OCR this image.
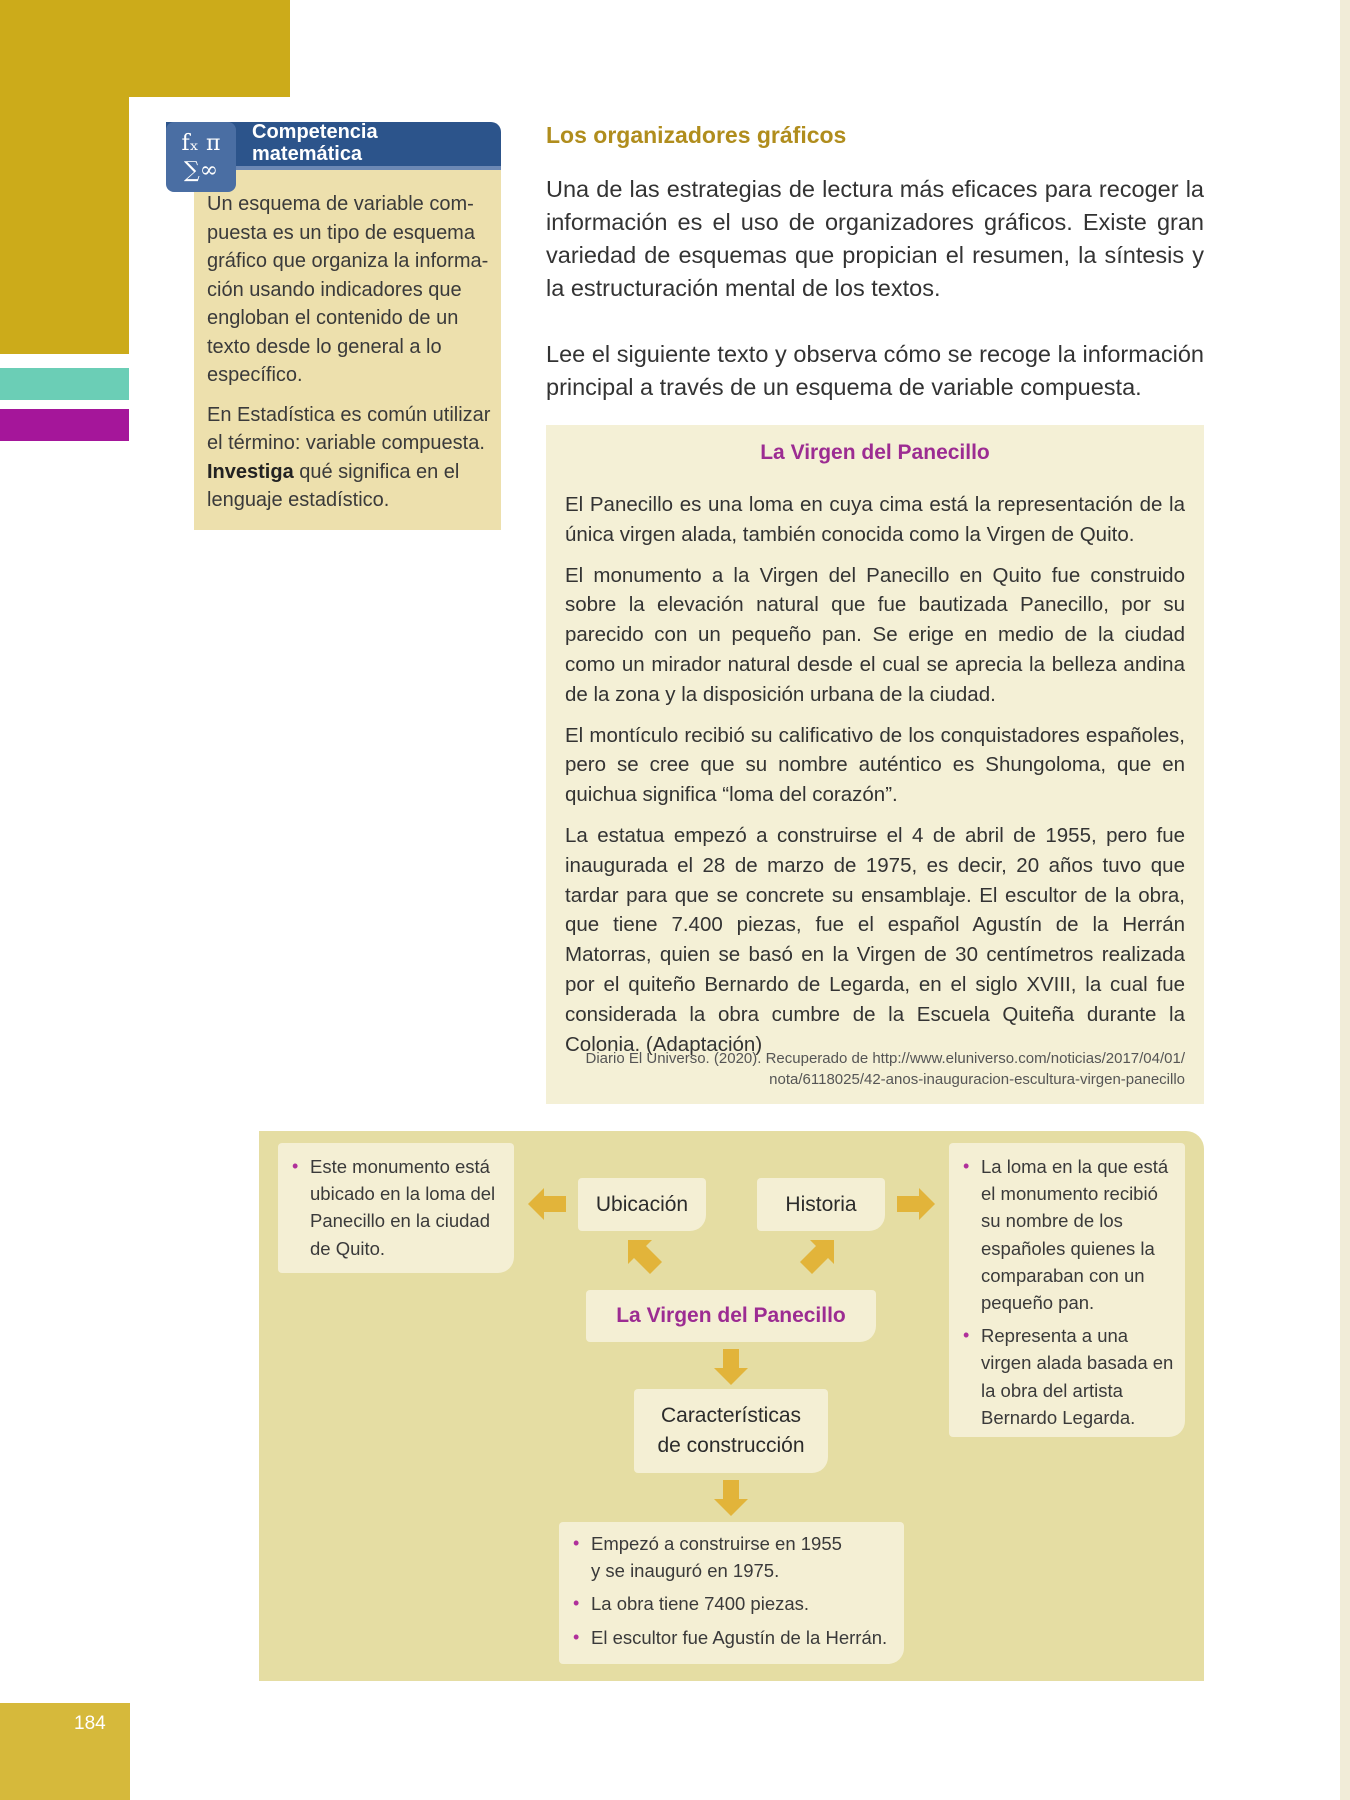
184
fₓ π ∑∞
Competencia
matemática

Un esquema de variable compuesta es un tipo de esquema gráfico que organiza la información usando indicadores que engloban el contenido de un texto desde lo general a lo específico.

En Estadística es común utilizar el término: variable compuesta. Investiga qué significa en el lenguaje estadístico.

Los organizadores gráficos

Una de las estrategias de lectura más eficaces para recoger la información es el uso de organizadores gráficos. Existe gran variedad de esquemas que propician el resumen, la síntesis y la estructuración mental de los textos.

Lee el siguiente texto y observa cómo se recoge la información principal a través de un esquema de variable compuesta.

La Virgen del Panecillo

El Panecillo es una loma en cuya cima está la representación de la única virgen alada, también conocida como la Virgen de Quito.

El monumento a la Virgen del Panecillo en Quito fue construido sobre la elevación natural que fue bautizada Panecillo, por su parecido con un pequeño pan. Se erige en medio de la ciudad como un mirador natural desde el cual se aprecia la belleza andina de la zona y la disposición urbana de la ciudad.

El montículo recibió su calificativo de los conquistadores españoles, pero se cree que su nombre auténtico es Shungoloma, que en quichua significa “loma del corazón”.

La estatua empezó a construirse el 4 de abril de 1955, pero fue inaugurada el 28 de marzo de 1975, es decir, 20 años tuvo que tardar para que se concrete su ensamblaje. El escultor de la obra, que tiene 7.400 piezas, fue el español Agustín de la Herrán Matorras, quien se basó en la Virgen de 30 centímetros realizada por el quiteño Bernardo de Legarda, en el siglo XVIII, la cual fue considerada la obra cumbre de la Escuela Quiteña durante la Colonia. (Adaptación)

Diario El Universo. (2020). Recuperado de http://www.eluniverso.com/noticias/2017/04/01/
nota/6118025/42-anos-inauguracion-escultura-virgen-panecillo
• Este monumento está ubicado en la loma del Panecillo en la ciudad de Quito.
Ubicación	Historia
• La loma en la que está el monumento recibió su nombre de los españoles quienes la comparaban con un pequeño pan.
• Representa a una virgen alada basada en la obra del artista Bernardo Legarda.
La Virgen del Panecillo
Características
de construcción
• Empezó a construirse en 1955
y se inauguró en 1975.
• La obra tiene 7400 piezas.
• El escultor fue Agustín de la Herrán.
